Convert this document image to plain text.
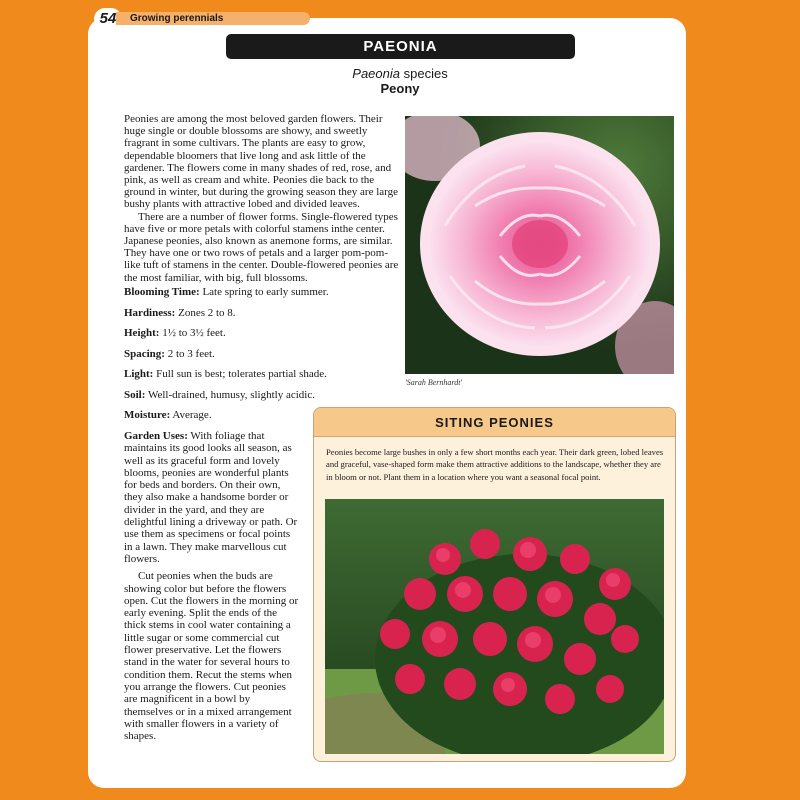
54	Growing perennials
PAEONIA
Paeonia species
Peony

Peonies are among the most beloved garden flowers. Their huge single or double blossoms are showy, and sweetly fragrant in some cultivars. The plants are easy to grow, dependable bloomers that live long and ask little of the gardener. The flowers come in many shades of red, rose, and pink, as well as cream and white. Peonies die back to the ground in winter, but during the growing season they are large bushy plants with attractive lobed and divided leaves.

There are a number of flower forms. Single-flowered types have five or more petals with colorful stamens inthe center. Japanese peonies, also known as anemone forms, are similar. They have one or two rows of petals and a larger pom-pom-like tuft of stamens in the center. Double-flowered peonies are the most familiar, with big, full blossoms.

Blooming Time: Late spring to early summer.
Hardiness: Zones 2 to 8.
Height: 1½ to 3½ feet.
Spacing: 2 to 3 feet.
Light: Full sun is best; tolerates partial shade.
Soil: Well-drained, humusy, slightly acidic.
Moisture: Average.

Garden Uses: With foliage that maintains its good looks all season, as well as its graceful form and lovely blooms, peonies are wonderful plants for beds and borders. On their own, they also make a handsome border or divider in the yard, and they are delightful lining a driveway or path. Or use them as specimens or focal points in a lawn. They make marvellous cut flowers.

Cut peonies when the buds are showing color but before the flowers open. Cut the flowers in the morning or early evening. Split the ends of the thick stems in cool water containing a little sugar or some commercial cut flower preservative. Let the flowers stand in the water for several hours to condition them. Recut the stems when you arrange the flowers. Cut peonies are magnificent in a bowl by themselves or in a mixed arrangement with smaller flowers in a variety of shapes.

'Sarah Bernhardt'
SITING PEONIES
Peonies become large bushes in only a few short months each year. Their dark green, lobed leaves and graceful, vase-shaped form make them attractive additions to the landscape, whether they are in bloom or not. Plant them in a location where you want a seasonal focal point.
